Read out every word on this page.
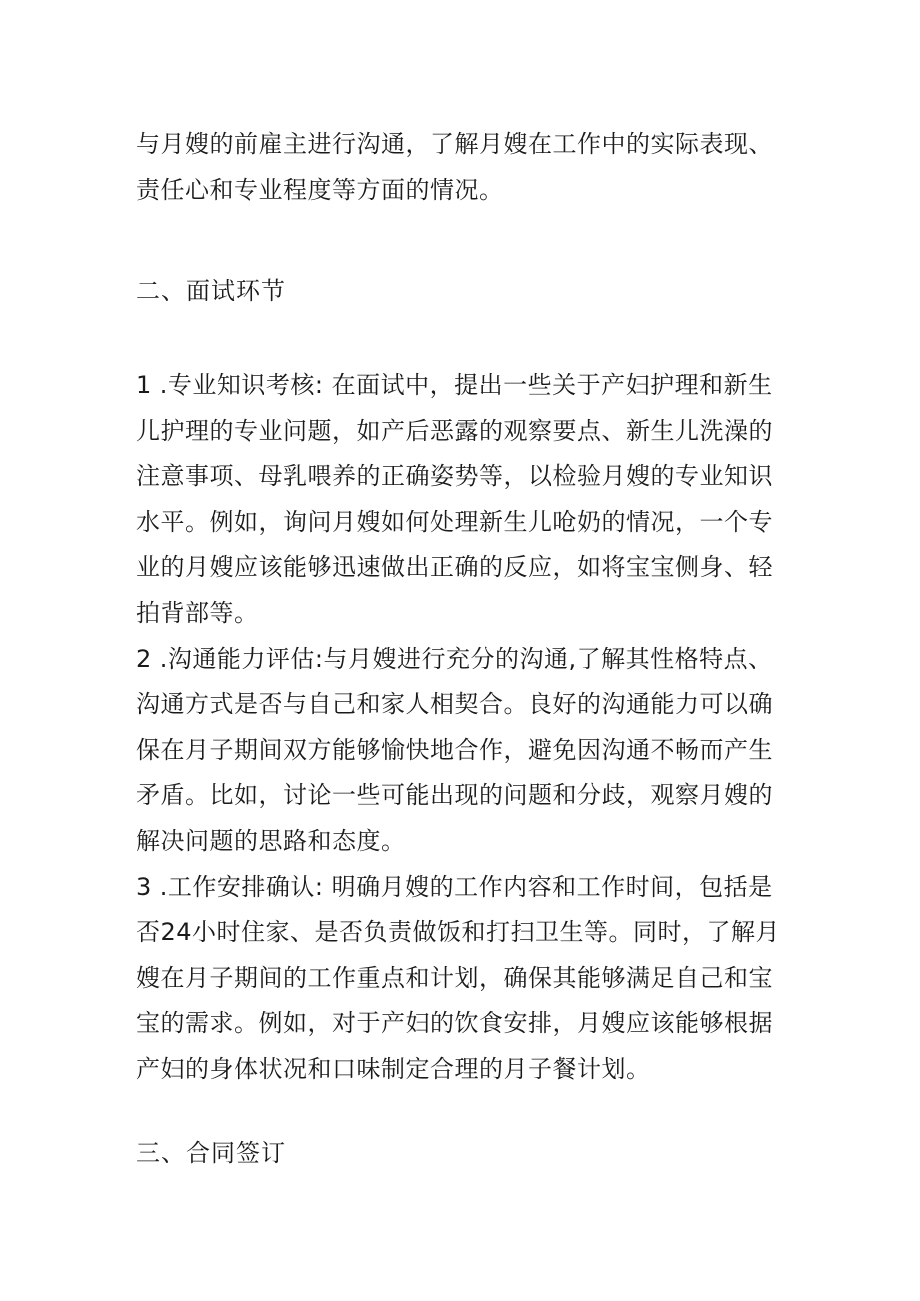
与月嫂的前雇主进行沟通，了解月嫂在工作中的实际表现、责任心和专业程度等方面的情况。

二、面试环节
1 .专业知识考核: 在面试中，提出一些关于产妇护理和新生儿护理的专业问题，如产后恶露的观察要点、新生儿洗澡的注意事项、母乳喂养的正确姿势等，以检验月嫂的专业知识水平。例如，询问月嫂如何处理新生儿呛奶的情况，一个专业的月嫂应该能够迅速做出正确的反应，如将宝宝侧身、轻拍背部等。
2 .沟通能力评估:与月嫂进行充分的沟通,了解其性格特点、沟通方式是否与自己和家人相契合。良好的沟通能力可以确保在月子期间双方能够愉快地合作，避免因沟通不畅而产生矛盾。比如，讨论一些可能出现的问题和分歧，观察月嫂的解决问题的思路和态度。
3 .工作安排确认: 明确月嫂的工作内容和工作时间，包括是否24小时住家、是否负责做饭和打扫卫生等。同时，了解月嫂在月子期间的工作重点和计划，确保其能够满足自己和宝宝的需求。例如，对于产妇的饮食安排，月嫂应该能够根据产妇的身体状况和口味制定合理的月子餐计划。
三、合同签订
